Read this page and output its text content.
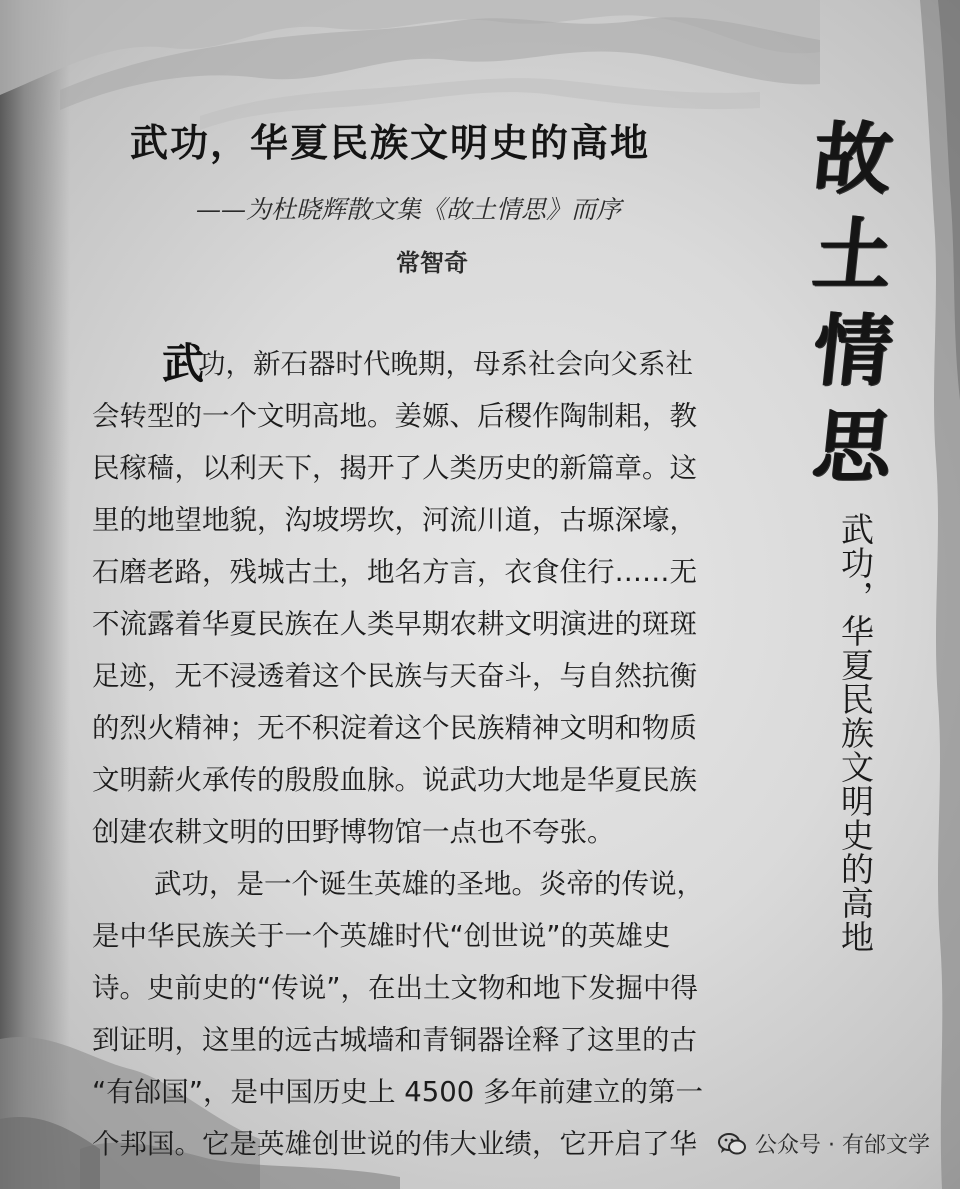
武功，华夏民族文明史的高地
——为杜晓辉散文集《故土情思》而序
常智奇
故
土
情
思
武功，华夏民族文明史的高地
武
功，新石器时代晚期，母系社会向父系社
会转型的一个文明高地。姜嫄、后稷作陶制耜，教
民稼穑，以利天下，揭开了人类历史的新篇章。这
里的地望地貌，沟坡塄坎，河流川道，古塬深壕，
石磨老路，残城古土，地名方言，衣食住行……无
不流露着华夏民族在人类早期农耕文明演进的斑斑
足迹，无不浸透着这个民族与天奋斗，与自然抗衡
的烈火精神；无不积淀着这个民族精神文明和物质
文明薪火承传的殷殷血脉。说武功大地是华夏民族
创建农耕文明的田野博物馆一点也不夸张。
武功，是一个诞生英雄的圣地。炎帝的传说，
是中华民族关于一个英雄时代“创世说”的英雄史
诗。史前史的“传说”，在出土文物和地下发掘中得
到证明，这里的远古城墙和青铜器诠释了这里的古
“有邰国”，是中国历史上 4500 多年前建立的第一
个邦国。它是英雄创世说的伟大业绩，它开启了华	公众号 · 有邰文学
